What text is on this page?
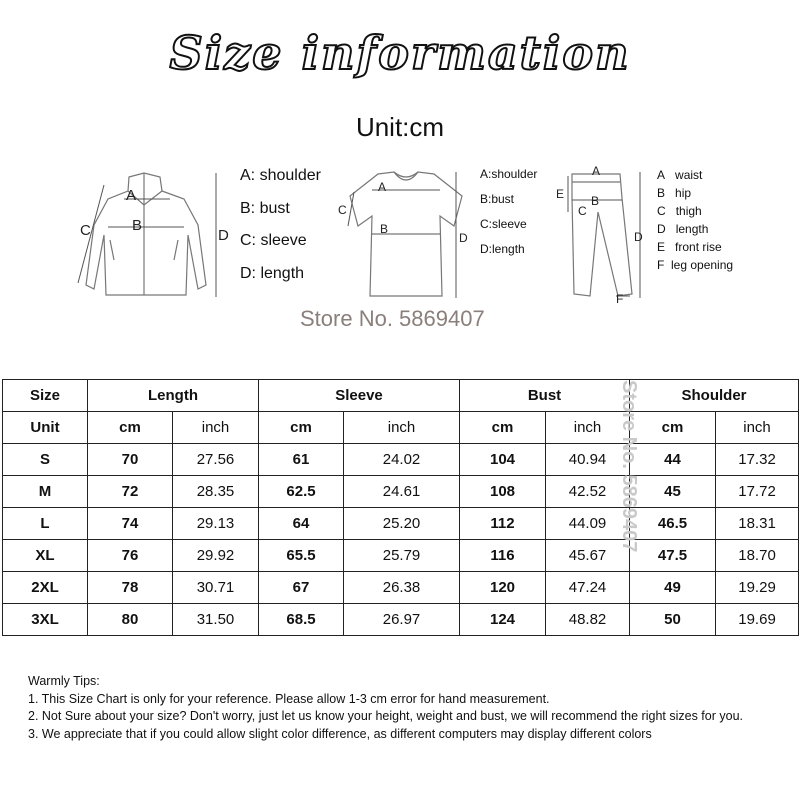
Size information
Unit:cm
A
B
C	D
A: shoulder
B: bust
C: sleeve
D: length
A
B
C
D
A:shoulder
B:bust
C:sleeve
D:length
A
B
C
D
E
F
A waist
B hip
C thigh
D length
E front rise
F leg opening
Store No. 5869407
Size	Length		Sleeve		Bust		Shoulder	
Unit	cm	inch	cm	inch	cm	inch	cm	inch
S	70	27.56	61	24.02	104	40.94	44	17.32
M	72	28.35	62.5	24.61	108	42.52	45	17.72
L	74	29.13	64	25.20	112	44.09	46.5	18.31
XL	76	29.92	65.5	25.79	116	45.67	47.5	18.70
2XL	78	30.71	67	26.38	120	47.24	49	19.29
3XL	80	31.50	68.5	26.97	124	48.82	50	19.69
Store No. 5869407
Warmly Tips:
1. This Size Chart is only for your reference. Please allow 1-3 cm error for hand measurement.
2. Not Sure about your size? Don't worry, just let us know your height, weight and bust, we will recommend the right sizes for you.
3. We appreciate that if you could allow slight color difference, as different computers may display different colors
